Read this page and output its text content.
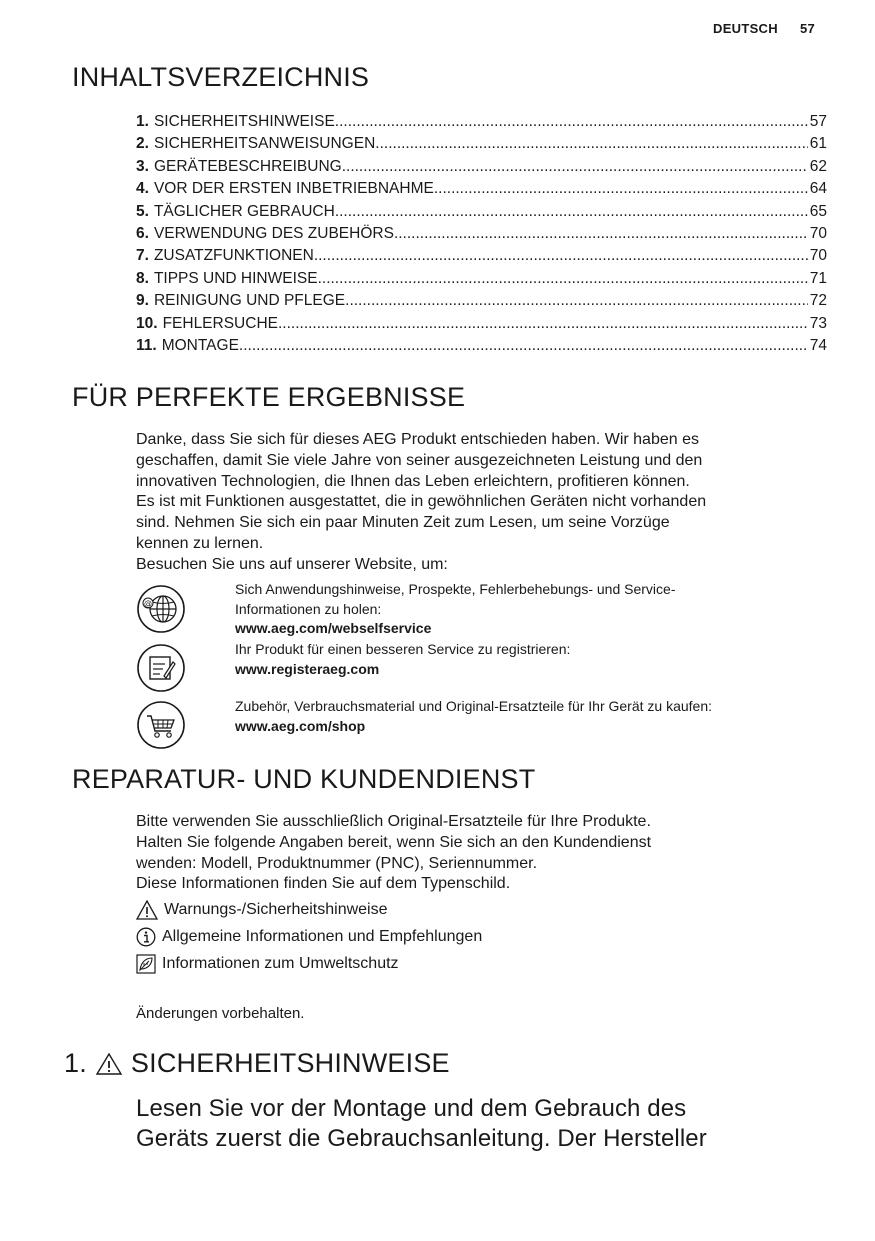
DEUTSCH 57
INHALTSVERZEICHNIS
1. SICHERHEITSHINWEISE .....	57
2. SICHERHEITSANWEISUNGEN .....	61
3. GERÄTEBESCHREIBUNG .....	62
4. VOR DER ERSTEN INBETRIEBNAHME .....	64
5. TÄGLICHER GEBRAUCH .....	65
6. VERWENDUNG DES ZUBEHÖRS .....	70
7. ZUSATZFUNKTIONEN .....	70
8. TIPPS UND HINWEISE .....	71
9. REINIGUNG UND PFLEGE .....	72
10. FEHLERSUCHE .....	73
11. MONTAGE .....	74
FÜR PERFEKTE ERGEBNISSE
Danke, dass Sie sich für dieses AEG Produkt entschieden haben. Wir haben es
geschaffen, damit Sie viele Jahre von seiner ausgezeichneten Leistung und den
innovativen Technologien, die Ihnen das Leben erleichtern, profitieren können.
Es ist mit Funktionen ausgestattet, die in gewöhnlichen Geräten nicht vorhanden
sind. Nehmen Sie sich ein paar Minuten Zeit zum Lesen, um seine Vorzüge
kennen zu lernen.
Besuchen Sie uns auf unserer Website, um:
@
Sich Anwendungshinweise, Prospekte, Fehlerbehebungs- und Service-
Informationen zu holen:
www.aeg.com/webselfservice
Ihr Produkt für einen besseren Service zu registrieren:
www.registeraeg.com
Zubehör, Verbrauchsmaterial und Original-Ersatzteile für Ihr Gerät zu kaufen:
www.aeg.com/shop
REPARATUR- UND KUNDENDIENST
Bitte verwenden Sie ausschließlich Original-Ersatzteile für Ihre Produkte.
Halten Sie folgende Angaben bereit, wenn Sie sich an den Kundendienst
wenden: Modell, Produktnummer (PNC), Seriennummer.
Diese Informationen finden Sie auf dem Typenschild.
Warnungs-/Sicherheitshinweise
Allgemeine Informationen und Empfehlungen
Informationen zum Umweltschutz
Änderungen vorbehalten.
1. SICHERHEITSHINWEISE
Lesen Sie vor der Montage und dem Gebrauch des
Geräts zuerst die Gebrauchsanleitung. Der Hersteller
